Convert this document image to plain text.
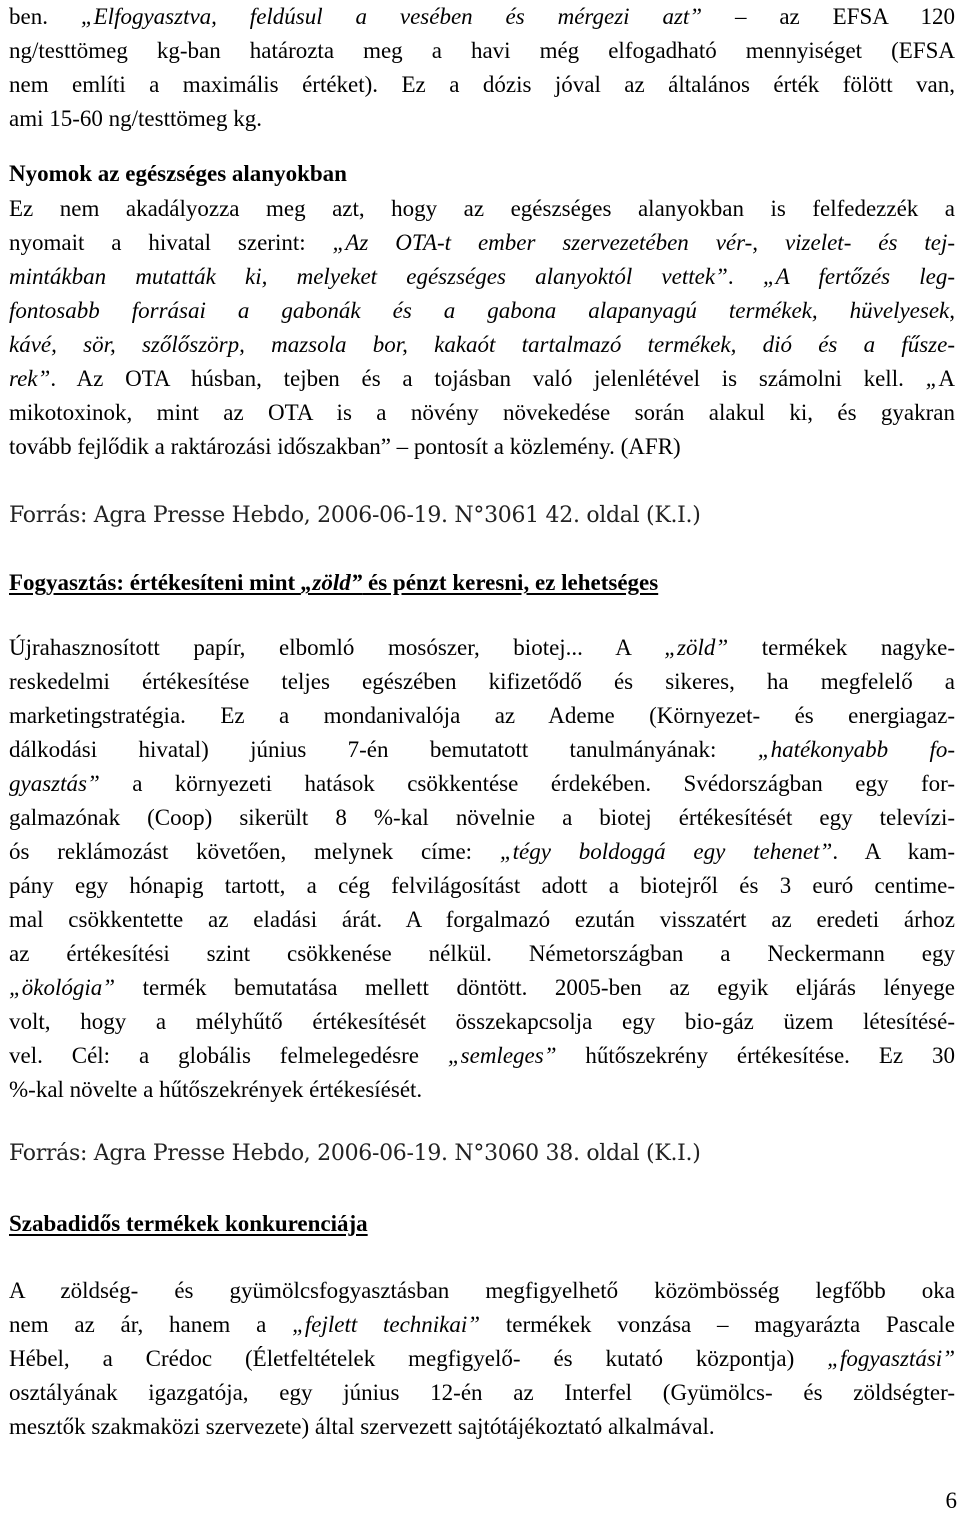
ben. „Elfogyasztva, feldúsul a vesében és mérgezi azt” – az EFSA 120
ng/testtömeg kg-ban határozta meg a havi még elfogadható mennyiséget (EFSA
nem említi a maximális értéket). Ez a dózis jóval az általános érték fölött van,
ami 15-60 ng/testtömeg kg.
Nyomok az egészséges alanyokban
Ez nem akadályozza meg azt, hogy az egészséges alanyokban is felfedezzék a
nyomait a hivatal szerint: „Az OTA-t ember szervezetében vér-, vizelet- és tej-
mintákban mutatták ki, melyeket egészséges alanyoktól vettek”. „A fertőzés leg-
fontosabb forrásai a gabonák és a gabona alapanyagú termékek, hüvelyesek,
kávé, sör, szőlőszörp, mazsola bor, kakaót tartalmazó termékek, dió és a fűsze-
rek”. Az OTA húsban, tejben és a tojásban való jelenlétével is számolni kell. „A
mikotoxinok, mint az OTA is a növény növekedése során alakul ki, és gyakran
tovább fejlődik a raktározási időszakban” – pontosít a közlemény. (AFR)
Forrás: Agra Presse Hebdo, 2006-06-19. N°3061 42. oldal (K.I.)
Fogyasztás: értékesíteni mint „zöld” és pénzt keresni, ez lehetséges
Újrahasznosított papír, elbomló mosószer, biotej... A „zöld” termékek nagyke-
reskedelmi értékesítése teljes egészében kifizetődő és sikeres, ha megfelelő a
marketingstratégia. Ez a mondanivalója az Ademe (Környezet- és energiagaz-
dálkodási hivatal) június 7-én bemutatott tanulmányának: „hatékonyabb fo-
gyasztás” a környezeti hatások csökkentése érdekében. Svédországban egy for-
galmazónak (Coop) sikerült 8 %-kal növelnie a biotej értékesítését egy televízi-
ós reklámozást követően, melynek címe: „tégy boldoggá egy tehenet”. A kam-
pány egy hónapig tartott, a cég felvilágosítást adott a biotejről és 3 euró centime-
mal csökkentette az eladási árát. A forgalmazó ezután visszatért az eredeti árhoz
az értékesítési szint csökkenése nélkül. Németországban a Neckermann egy
„ökológia” termék bemutatása mellett döntött. 2005-ben az egyik eljárás lényege
volt, hogy a mélyhűtő értékesítését összekapcsolja egy bio-gáz üzem létesítésé-
vel. Cél: a globális felmelegedésre „semleges” hűtőszekrény értékesítése. Ez 30
%-kal növelte a hűtőszekrények értékesíését.
Forrás: Agra Presse Hebdo, 2006-06-19. N°3060 38. oldal (K.I.)
Szabadidős termékek konkurenciája
A zöldség- és gyümölcsfogyasztásban megfigyelhető közömbösség legfőbb oka
nem az ár, hanem a „fejlett technikai” termékek vonzása – magyarázta Pascale
Hébel, a Crédoc (Életfeltételek megfigyelő- és kutató központja) „fogyasztási”
osztályának igazgatója, egy június 12-én az Interfel (Gyümölcs- és zöldségter-
mesztők szakmaközi szervezete) által szervezett sajtótájékoztató alkalmával.
6
